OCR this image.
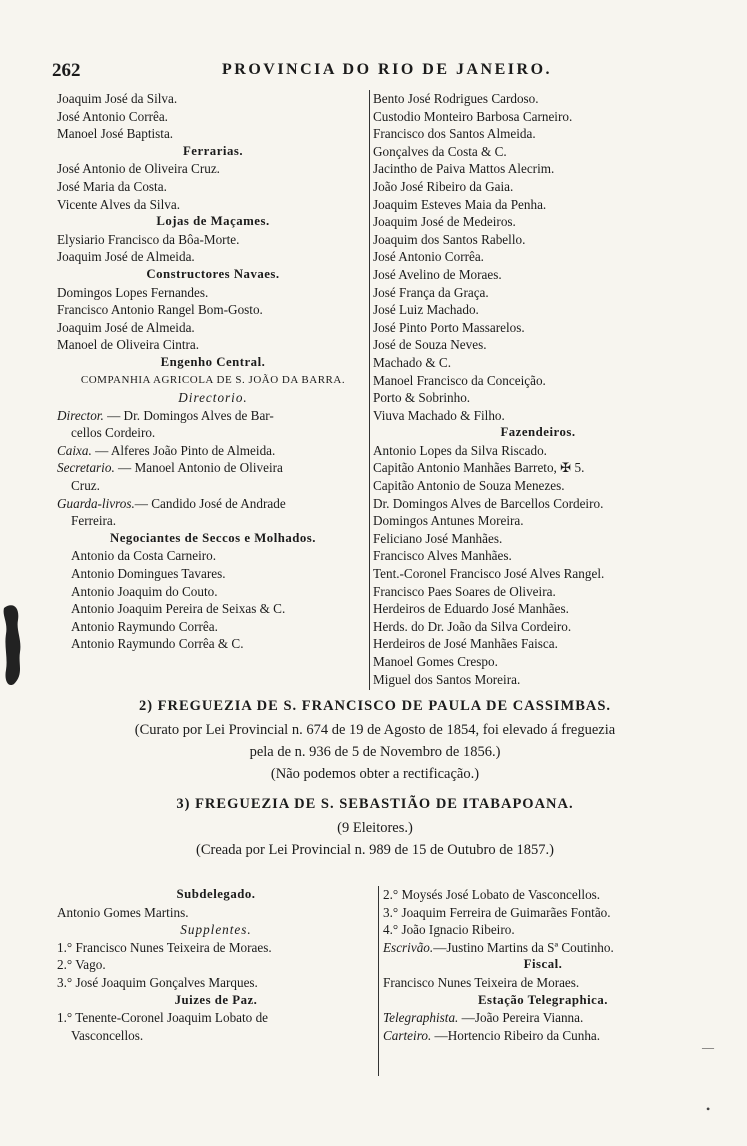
262	PROVINCIA DO RIO DE JANEIRO.
Joaquim José da Silva.
José Antonio Corrêa.
Manoel José Baptista.
Ferrarias.
José Antonio de Oliveira Cruz.
José Maria da Costa.
Vicente Alves da Silva.
Lojas de Maçames.
Elysiario Francisco da Bôa-Morte.
Joaquim José de Almeida.
Constructores Navaes.
Domingos Lopes Fernandes.
Francisco Antonio Rangel Bom-Gosto.
Joaquim José de Almeida.
Manoel de Oliveira Cintra.
Engenho Central.
COMPANHIA AGRICOLA DE S. JOÃO DA BARRA.
Directorio.
Director. — Dr. Domingos Alves de Bar-
cellos Cordeiro.
Caixa. — Alferes João Pinto de Almeida.
Secretario. — Manoel Antonio de Oliveira
Cruz.
Guarda-livros.— Candido José de Andrade
Ferreira.
Negociantes de Seccos e Molhados.
Antonio da Costa Carneiro.
Antonio Domingues Tavares.
Antonio Joaquim do Couto.
Antonio Joaquim Pereira de Seixas & C.
Antonio Raymundo Corrêa.
Antonio Raymundo Corrêa & C.
Bento José Rodrigues Cardoso.
Custodio Monteiro Barbosa Carneiro.
Francisco dos Santos Almeida.
Gonçalves da Costa & C.
Jacintho de Paiva Mattos Alecrim.
João José Ribeiro da Gaia.
Joaquim Esteves Maia da Penha.
Joaquim José de Medeiros.
Joaquim dos Santos Rabello.
José Antonio Corrêa.
José Avelino de Moraes.
José França da Graça.
José Luiz Machado.
José Pinto Porto Massarelos.
José de Souza Neves.
Machado & C.
Manoel Francisco da Conceição.
Porto & Sobrinho.
Viuva Machado & Filho.
Fazendeiros.
Antonio Lopes da Silva Riscado.
Capitão Antonio Manhães Barreto, ✠ 5.
Capitão Antonio de Souza Menezes.
Dr. Domingos Alves de Barcellos Cordeiro.
Domingos Antunes Moreira.
Feliciano José Manhães.
Francisco Alves Manhães.
Tent.-Coronel Francisco José Alves Rangel.
Francisco Paes Soares de Oliveira.
Herdeiros de Eduardo José Manhães.
Herds. do Dr. João da Silva Cordeiro.
Herdeiros de José Manhães Faisca.
Manoel Gomes Crespo.
Miguel dos Santos Moreira.
2) FREGUEZIA DE S. FRANCISCO DE PAULA DE CASSIMBAS.
(Curato por Lei Provincial n. 674 de 19 de Agosto de 1854, foi elevado á freguezia
pela de n. 936 de 5 de Novembro de 1856.)
(Não podemos obter a rectificação.)
3) FREGUEZIA DE S. SEBASTIÃO DE ITABAPOANA.
(9 Eleitores.)
(Creada por Lei Provincial n. 989 de 15 de Outubro de 1857.)
Subdelegado.
Antonio Gomes Martins.
Supplentes.
1.° Francisco Nunes Teixeira de Moraes.
2.° Vago.
3.° José Joaquim Gonçalves Marques.
Juizes de Paz.
1.° Tenente-Coronel Joaquim Lobato de
Vasconcellos.
2.° Moysés José Lobato de Vasconcellos.
3.° Joaquim Ferreira de Guimarães Fontão.
4.° João Ignacio Ribeiro.
Escrivão.—Justino Martins da Sª Coutinho.
Fiscal.
Francisco Nunes Teixeira de Moraes.
Estação Telegraphica.
Telegraphista. —João Pereira Vianna.
Carteiro. —Hortencio Ribeiro da Cunha.
—
•
